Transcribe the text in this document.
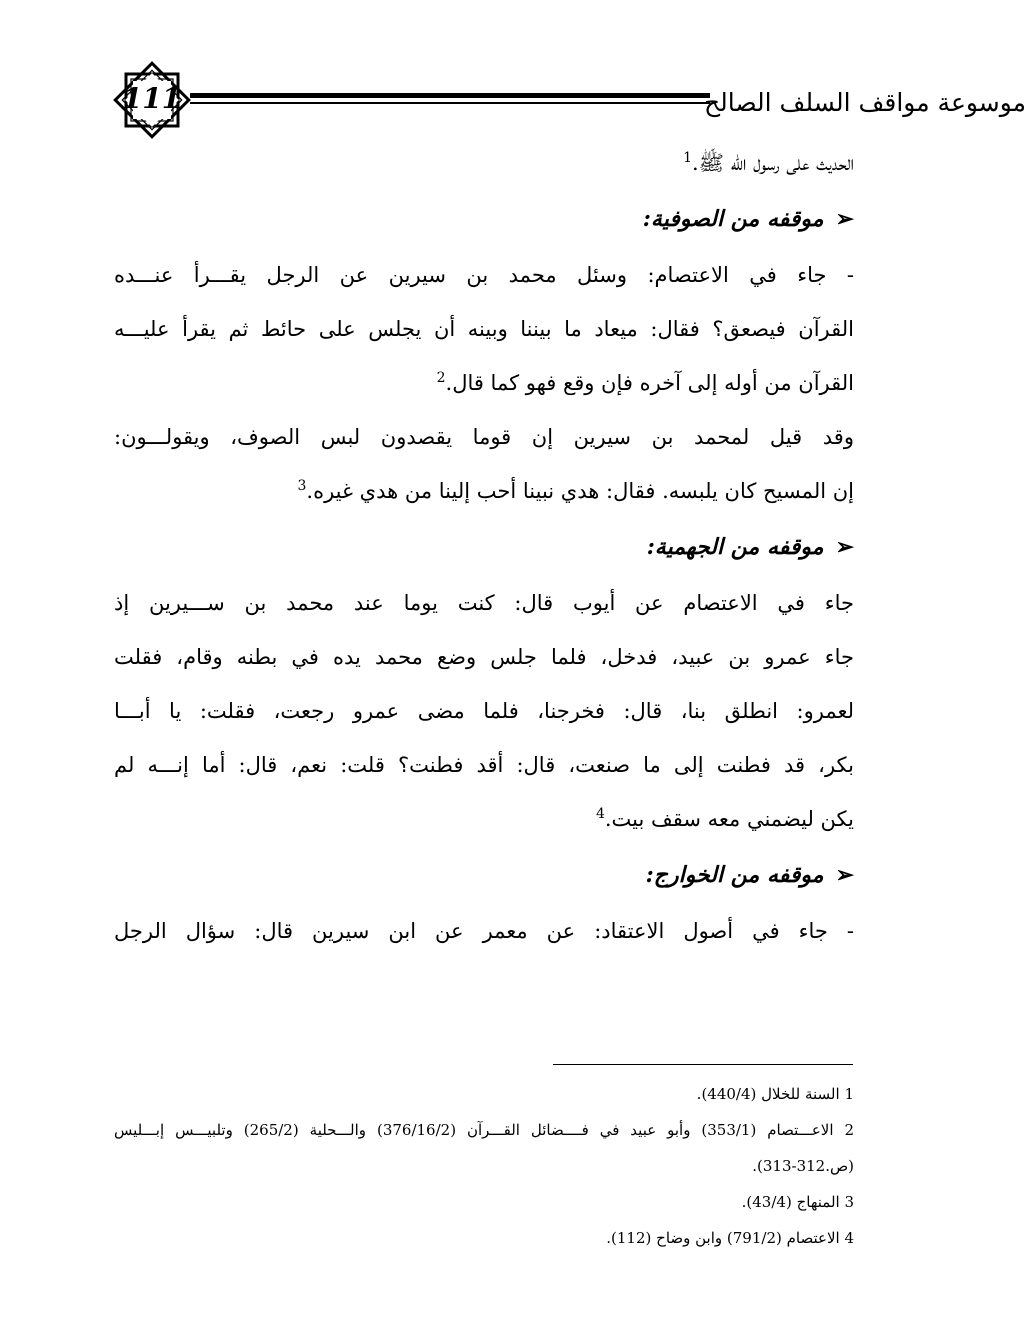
111	موسوعة مواقف السلف الصالح
الحديث على رسول الله ﷺ.$^1$
➢موقفه من الصوفية:
- جاء في الاعتصام: وسئل محمد بن سيرين عن الرجل يقـــرأ عنـــده
القرآن فيصعق؟ فقال: ميعاد ما بيننا وبينه أن يجلس على حائط ثم يقرأ عليـــه
القرآن من أوله إلى آخره فإن وقع فهو كما قال.$^2$
وقد قيل لمحمد بن سيرين إن قوما يقصدون لبس الصوف، ويقولـــون:
إن المسيح كان يلبسه. فقال: هدي نبينا أحب إلينا من هدي غيره.$^3$
➢موقفه من الجهمية:
جاء في الاعتصام عن أيوب قال: كنت يوما عند محمد بن ســـيرين إذ
جاء عمرو بن عبيد، فدخل، فلما جلس وضع محمد يده في بطنه وقام، فقلت
لعمرو: انطلق بنا، قال: فخرجنا، فلما مضى عمرو رجعت، فقلت: يا أبـــا
بكر، قد فطنت إلى ما صنعت، قال: أقد فطنت؟ قلت: نعم، قال: أما إنـــه لم
يكن ليضمني معه سقف بيت.$^4$
➢موقفه من الخوارج:
- جاء في أصول الاعتقاد: عن معمر عن ابن سيرين قال: سؤال الرجل
1 السنة للخلال (440/4).
2 الاعـــتصام (353/1) وأبو عبيد في فــــضائل القـــرآن (376/16/2) والـــحلية (265/2) وتلبيـــس إبـــليس
(ص.312-313).
3 المنهاج (43/4).
4 الاعتصام (791/2) وابن وضاح (112).
